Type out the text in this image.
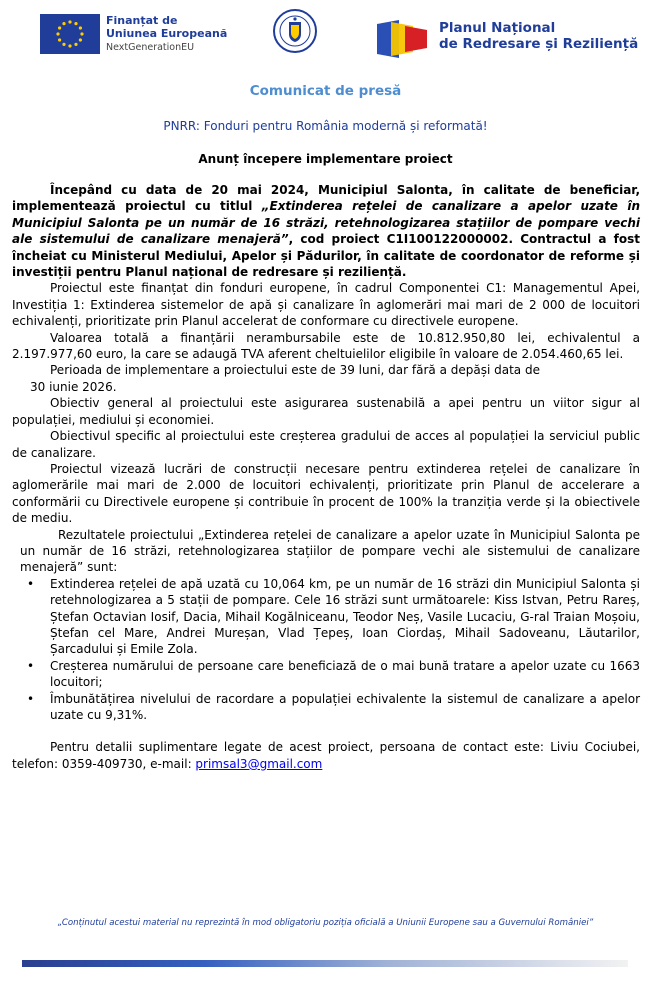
Finanțat de
Uniunea Europeană
NextGenerationEU
Planul Național
de Redresare și Reziliență
Comunicat de presă
PNRR: Fonduri pentru România modernă și reformată!
Anunț începere implementare proiect

Începând cu data de 20 mai 2024, Municipiul Salonta, în calitate de beneficiar, implementează proiectul cu titlul „Extinderea rețelei de canalizare a apelor uzate în Municipiul Salonta pe un număr de 16 străzi, retehnologizarea stațiilor de pompare vechi ale sistemului de canalizare menajeră”, cod proiect C1I100122000002. Contractul a fost încheiat cu Ministerul Mediului, Apelor și Pădurilor, în calitate de coordonator de reforme și investiții pentru Planul național de redresare și reziliență.

Proiectul este finanțat din fonduri europene, în cadrul Componentei C1: Managementul Apei, Investiția 1: Extinderea sistemelor de apă și canalizare în aglomerări mai mari de 2 000 de locuitori echivalenți, prioritizate prin Planul accelerat de conformare cu directivele europene.

Valoarea totală a finanțării nerambursabile este de 10.812.950,80 lei, echivalentul a 2.197.977,60 euro, la care se adaugă TVA aferent cheltuielilor eligibile în valoare de 2.054.460,65 lei.

Perioada de implementare a proiectului este de 39 luni, dar fără a depăși data de
30 iunie 2026.

Obiectiv general al proiectului este asigurarea sustenabilă a apei pentru un viitor sigur al populației, mediului și economiei.

Obiectivul specific al proiectului este creșterea gradului de acces al populației la serviciul public de canalizare.

Proiectul vizează lucrări de construcții necesare pentru extinderea rețelei de canalizare în aglomerările mai mari de 2.000 de locuitori echivalenți, prioritizate prin Planul de accelerare a conformării cu Directivele europene și contribuie în procent de 100% la tranziția verde și la obiectivele de mediu.

Rezultatele proiectului „Extinderea rețelei de canalizare a apelor uzate în Municipiul Salonta pe un număr de 16 străzi, retehnologizarea stațiilor de pompare vechi ale sistemului de canalizare menajeră” sunt:

• Extinderea rețelei de apă uzată cu 10,064 km, pe un număr de 16 străzi din Municipiul Salonta și retehnologizarea a 5 stații de pompare. Cele 16 străzi sunt următoarele: Kiss Istvan, Petru Rareș, Ștefan Octavian Iosif, Dacia, Mihail Kogălniceanu, Teodor Neș, Vasile Lucaciu, G-ral Traian Moșoiu, Ștefan cel Mare, Andrei Mureșan, Vlad Țepeș, Ioan Ciordaș, Mihail Sadoveanu, Lăutarilor, Șarcadului și Emile Zola.
• Creșterea numărului de persoane care beneficiază de o mai bună tratare a apelor uzate cu 1663 locuitori;
• Îmbunătățirea nivelului de racordare a populației echivalente la sistemul de canalizare a apelor uzate cu 9,31%.

Pentru detalii suplimentare legate de acest proiect, persoana de contact este: Liviu Cociubei, telefon: 0359-409730, e-mail: primsal3@gmail.com

„Conținutul acestui material nu reprezintă în mod obligatoriu poziția oficială a Uniunii Europene sau a Guvernului României”
